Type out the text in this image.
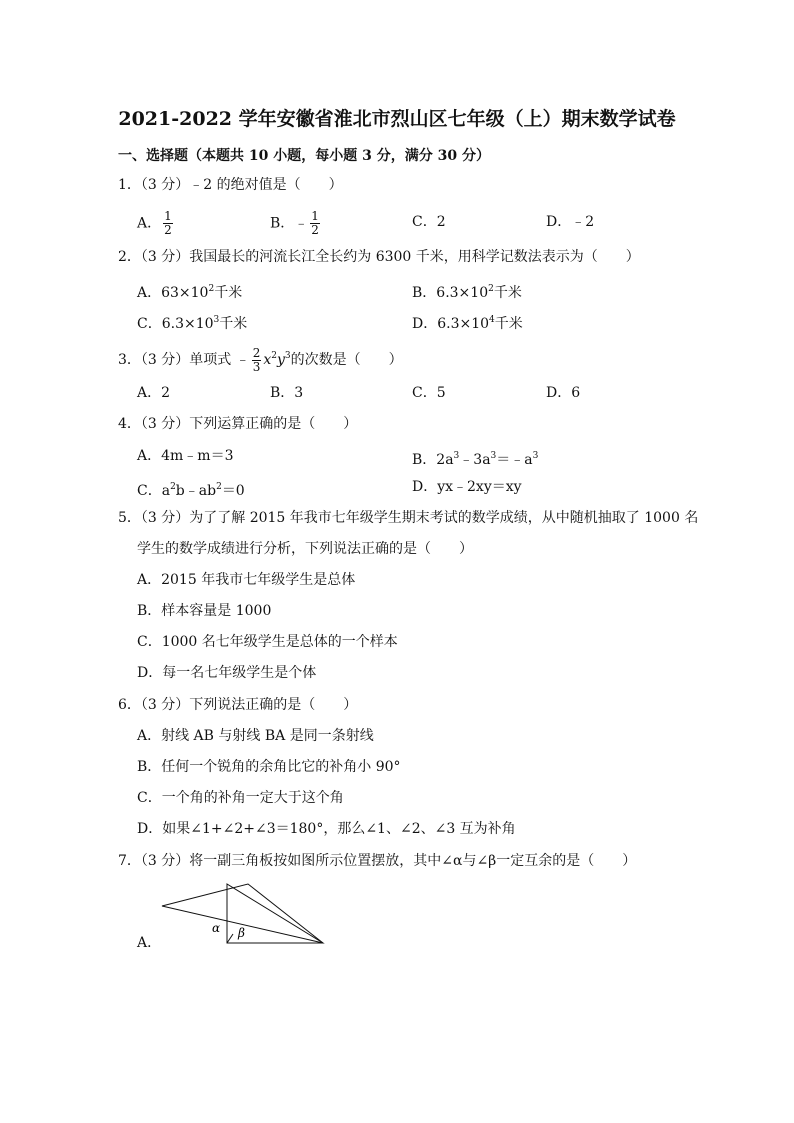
2021-2022 学年安徽省淮北市烈山区七年级（上）期末数学试卷
一、选择题（本题共 10 小题，每小题 3 分，满分 30 分）
1．（3 分）﹣2 的绝对值是（　　）
A． $\frac{1}{2}$	B．﹣ $\frac{1}{2}$	C．2	D．﹣2
2．（3 分）我国最长的河流长江全长约为 6300 千米，用科学记数法表示为（　　）
A．$63\times 10^2$千米	B．$6.3\times 10^2$千米
C．$6.3\times 10^3$千米	D．$6.3\times 10^4$千米
3．（3 分）单项式 ﹣ $\frac{2}{3} x^2y^3$的次数是（　　）
A．2	B．3	C．5	D．6
4．（3 分）下列运算正确的是（　　）
A．4m﹣m＝3	B．$2a^3﹣3a^3=﹣a^3$
C．$a^2b﹣ab^2=0$	D．yx﹣2xy＝xy
5．（3 分）为了了解 2015 年我市七年级学生期末考试的数学成绩，从中随机抽取了 1000 名
学生的数学成绩进行分析，下列说法正确的是（　　）
A．2015 年我市七年级学生是总体
B．样本容量是 1000
C．1000 名七年级学生是总体的一个样本
D．每一名七年级学生是个体
6．（3 分）下列说法正确的是（　　）
A．射线 AB 与射线 BA 是同一条射线
B．任何一个锐角的余角比它的补角小 90°
C．一个角的补角一定大于这个角
D．如果∠1+∠2+∠3＝180°，那么∠1、∠2、∠3 互为补角
7．（3 分）将一副三角板按如图所示位置摆放，其中∠α与∠β一定互余的是（　　）
A．
α β
